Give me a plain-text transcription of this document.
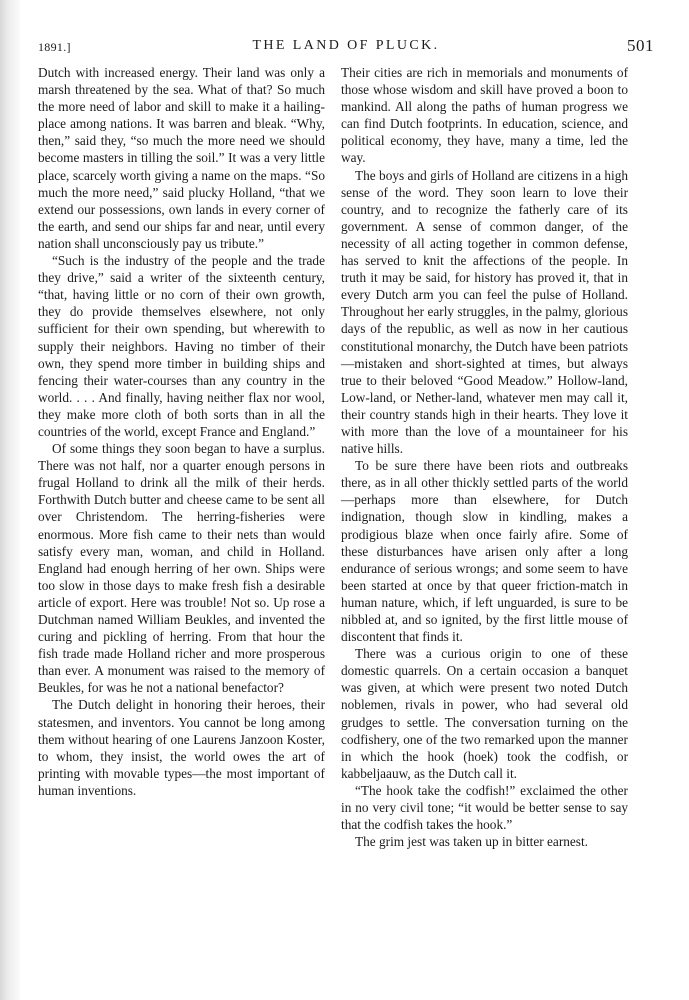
1891.]	THE LAND OF PLUCK.	501

Dutch with increased energy. Their land was only a marsh threatened by the sea. What of that? So much the more need of labor and skill to make it a hailing-place among nations. It was barren and bleak. “Why, then,” said they, “so much the more need we should become masters in tilling the soil.” It was a very little place, scarcely worth giving a name on the maps. “So much the more need,” said plucky Holland, “that we extend our possessions, own lands in every corner of the earth, and send our ships far and near, until every nation shall unconsciously pay us tribute.”

“Such is the industry of the people and the trade they drive,” said a writer of the sixteenth century, “that, having little or no corn of their own growth, they do provide themselves elsewhere, not only sufficient for their own spending, but wherewith to supply their neighbors. Having no timber of their own, they spend more timber in building ships and fencing their water-courses than any country in the world. . . . And finally, having neither flax nor wool, they make more cloth of both sorts than in all the countries of the world, except France and England.”

Of some things they soon began to have a surplus. There was not half, nor a quarter enough persons in frugal Holland to drink all the milk of their herds. Forthwith Dutch butter and cheese came to be sent all over Christendom. The herring-fisheries were enormous. More fish came to their nets than would satisfy every man, woman, and child in Holland. England had enough herring of her own. Ships were too slow in those days to make fresh fish a desirable article of export. Here was trouble! Not so. Up rose a Dutchman named William Beukles, and invented the curing and pickling of herring. From that hour the fish trade made Holland richer and more prosperous than ever. A monument was raised to the memory of Beukles, for was he not a national benefactor?

The Dutch delight in honoring their heroes, their statesmen, and inventors. You cannot be long among them without hearing of one Laurens Janzoon Koster, to whom, they insist, the world owes the art of printing with movable types—the most important of human inventions.

Their cities are rich in memorials and monuments of those whose wisdom and skill have proved a boon to mankind. All along the paths of human progress we can find Dutch footprints. In education, science, and political economy, they have, many a time, led the way.

The boys and girls of Holland are citizens in a high sense of the word. They soon learn to love their country, and to recognize the fatherly care of its government. A sense of common danger, of the necessity of all acting together in common defense, has served to knit the affections of the people. In truth it may be said, for history has proved it, that in every Dutch arm you can feel the pulse of Holland. Throughout her early struggles, in the palmy, glorious days of the republic, as well as now in her cautious constitutional monarchy, the Dutch have been patriots—mistaken and short-sighted at times, but always true to their beloved “Good Meadow.” Hollow-land, Low-land, or Nether-land, whatever men may call it, their country stands high in their hearts. They love it with more than the love of a mountaineer for his native hills.

To be sure there have been riots and outbreaks there, as in all other thickly settled parts of the world—perhaps more than elsewhere, for Dutch indignation, though slow in kindling, makes a prodigious blaze when once fairly afire. Some of these disturbances have arisen only after a long endurance of serious wrongs; and some seem to have been started at once by that queer friction-match in human nature, which, if left unguarded, is sure to be nibbled at, and so ignited, by the first little mouse of discontent that finds it.

There was a curious origin to one of these domestic quarrels. On a certain occasion a banquet was given, at which were present two noted Dutch noblemen, rivals in power, who had several old grudges to settle. The conversation turning on the codfishery, one of the two remarked upon the manner in which the hook (hoek) took the codfish, or kabbeljaauw, as the Dutch call it.

“The hook take the codfish!” exclaimed the other in no very civil tone; “it would be better sense to say that the codfish takes the hook.”

The grim jest was taken up in bitter earnest.
